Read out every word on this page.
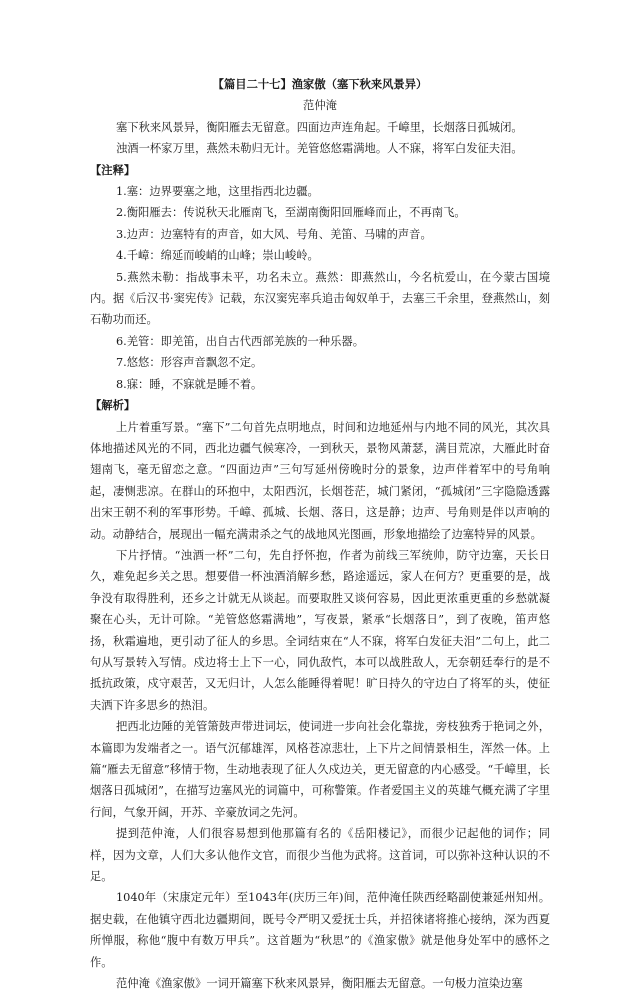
【篇目二十七】渔家傲（塞下秋来风景异）

范仲淹

塞下秋来风景异，衡阳雁去无留意。四面边声连角起。千嶂里，长烟落日孤城闭。

浊酒一杯家万里，燕然未勒归无计。羌管悠悠霜满地。人不寐，将军白发征夫泪。

【注释】

1.塞：边界要塞之地，这里指西北边疆。

2.衡阳雁去：传说秋天北雁南飞，至湖南衡阳回雁峰而止，不再南飞。

3.边声：边塞特有的声音，如大风、号角、羌笛、马啸的声音。

4.千嶂：绵延而峻峭的山峰；崇山峻岭。

5.燕然未勒：指战事未平，功名未立。燕然：即燕然山，今名杭爱山，在今蒙古国境内。据《后汉书·窦宪传》记载，东汉窦宪率兵追击匈奴单于，去塞三千余里，登燕然山，刻石勒功而还。

6.羌管：即羌笛，出自古代西部羌族的一种乐器。

7.悠悠：形容声音飘忽不定。

8.寐：睡，不寐就是睡不着。

【解析】

上片着重写景。“塞下”二句首先点明地点，时间和边地延州与内地不同的风光，其次具体地描述风光的不同，西北边疆气候寒冷，一到秋天，景物风萧瑟，满目荒凉，大雁此时奋翅南飞，毫无留恋之意。“四面边声”三句写延州傍晚时分的景象，边声伴着军中的号角响起，凄恻悲凉。在群山的环抱中，太阳西沉，长烟苍茫，城门紧闭，“孤城闭”三字隐隐透露出宋王朝不利的军事形势。千嶂、孤城、长烟、落日，这是静；边声、号角则是伴以声响的动。动静结合，展现出一幅充满肃杀之气的战地风光图画，形象地描绘了边塞特异的风景。

下片抒情。“浊酒一杯”二句，先自抒怀抱，作者为前线三军统帅，防守边塞，天长日久，难免起乡关之思。想要借一杯浊酒消解乡愁，路途遥远，家人在何方？更重要的是，战争没有取得胜利，还乡之计就无从谈起。而要取胜又谈何容易，因此更浓重更重的乡愁就凝聚在心头，无计可除。“羌管悠悠霜满地”，写夜景，紧承“长烟落日”，到了夜晚，笛声悠扬，秋霜遍地，更引动了征人的乡思。全词结束在“人不寐，将军白发征夫泪”二句上，此二句从写景转入写情。戍边将士上下一心，同仇敌忾，本可以战胜敌人，无奈朝廷奉行的是不抵抗政策，戍守艰苦，又无归计，人怎么能睡得着呢！旷日持久的守边白了将军的头，使征夫洒下许多思乡的热泪。

把西北边陲的羌管箫鼓声带进词坛，使词进一步向社会化靠拢，旁枝独秀于艳词之外，本篇即为发端者之一。语气沉郁雄浑，风格苍凉悲壮，上下片之间情景相生，浑然一体。上篇“雁去无留意”移情于物，生动地表现了征人久戍边关，更无留意的内心感受。“千嶂里，长烟落日孤城闭”，在描写边塞风光的词篇中，可称警策。作者爱国主义的英雄气概充满了字里行间，气象开阔，开苏、辛豪放词之先河。

提到范仲淹，人们很容易想到他那篇有名的《岳阳楼记》，而很少记起他的词作；同样，因为文章，人们大多认他作文官，而很少当他为武将。这首词，可以弥补这种认识的不足。

1040年（宋康定元年）至1043年(庆历三年)间，范仲淹任陕西经略副使兼延州知州。据史载，在他镇守西北边疆期间，既号令严明又爱抚士兵，并招徕诸将推心接纳，深为西夏所惮服，称他“腹中有数万甲兵”。这首题为“秋思”的《渔家傲》就是他身处军中的感怀之作。

范仲淹《渔家傲》一词开篇塞下秋来风景异，衡阳雁去无留意。一句极力渲染边塞
